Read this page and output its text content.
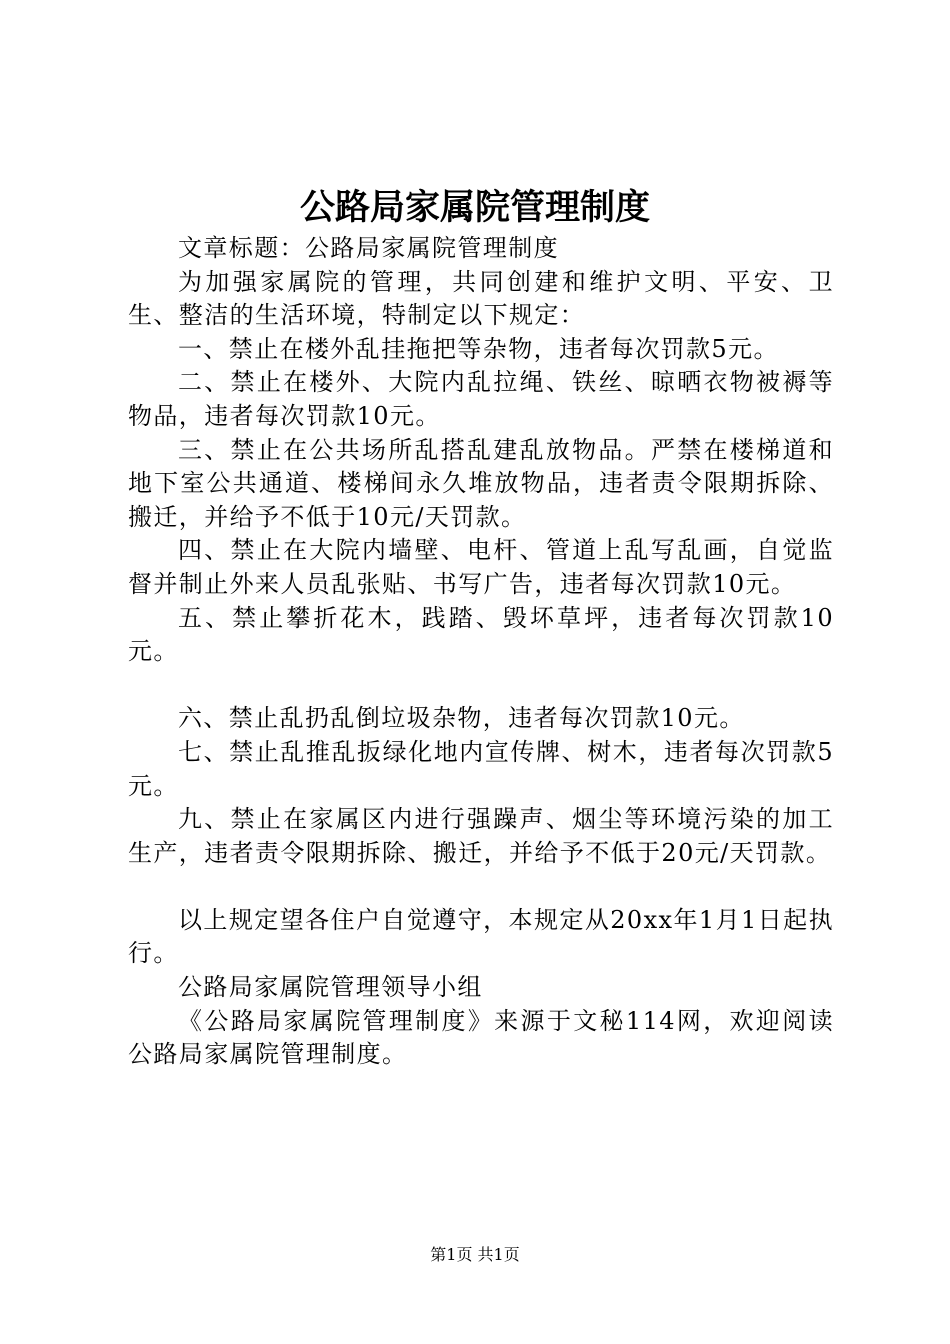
公路局家属院管理制度

文章标题：公路局家属院管理制度

为加强家属院的管理，共同创建和维护文明、平安、卫生、整洁的生活环境，特制定以下规定：

一、禁止在楼外乱挂拖把等杂物，违者每次罚款5元。

二、禁止在楼外、大院内乱拉绳、铁丝、晾晒衣物被褥等物品，违者每次罚款10元。

三、禁止在公共场所乱搭乱建乱放物品。严禁在楼梯道和地下室公共通道、楼梯间永久堆放物品，违者责令限期拆除、搬迁，并给予不低于10元/天罚款。

四、禁止在大院内墙壁、电杆、管道上乱写乱画，自觉监督并制止外来人员乱张贴、书写广告，违者每次罚款10元。

五、禁止攀折花木，践踏、毁坏草坪，违者每次罚款10元。

六、禁止乱扔乱倒垃圾杂物，违者每次罚款10元。

七、禁止乱推乱扳绿化地内宣传牌、树木，违者每次罚款5元。

九、禁止在家属区内进行强躁声、烟尘等环境污染的加工生产，违者责令限期拆除、搬迁，并给予不低于20元/天罚款。

以上规定望各住户自觉遵守，本规定从20xx年1月1日起执行。

公路局家属院管理领导小组

《公路局家属院管理制度》来源于文秘114网，欢迎阅读公路局家属院管理制度。

第1页 共1页
